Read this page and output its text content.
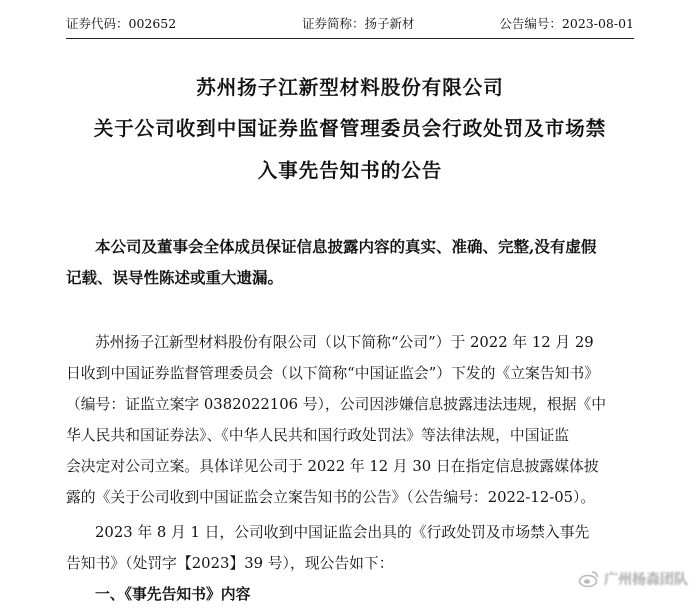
证券代码：002652	证券简称：扬子新材	公告编号：2023-08-01
苏州扬子江新型材料股份有限公司
关于公司收到中国证券监督管理委员会行政处罚及市场禁
入事先告知书的公告
本公司及董事会全体成员保证信息披露内容的真实、准确、完整,没有虚假
记载、误导性陈述或重大遗漏。
苏州扬子江新型材料股份有限公司（以下简称“公司”）于 2022 年 12 月 29
日收到中国证券监督管理委员会（以下简称“中国证监会”）下发的《立案告知书》
（编号：证监立案字 0382022106 号），公司因涉嫌信息披露违法违规，根据《中
华人民共和国证券法》、《中华人民共和国行政处罚法》等法律法规，中国证监
会决定对公司立案。具体详见公司于 2022 年 12 月 30 日在指定信息披露媒体披
露的《关于公司收到中国证监会立案告知书的公告》（公告编号：2022-12-05）。
2023 年 8 月 1 日，公司收到中国证监会出具的《行政处罚及市场禁入事先
告知书》（处罚字【2023】39 号），现公告如下：
一、《事先告知书》内容
广州杨森团队
